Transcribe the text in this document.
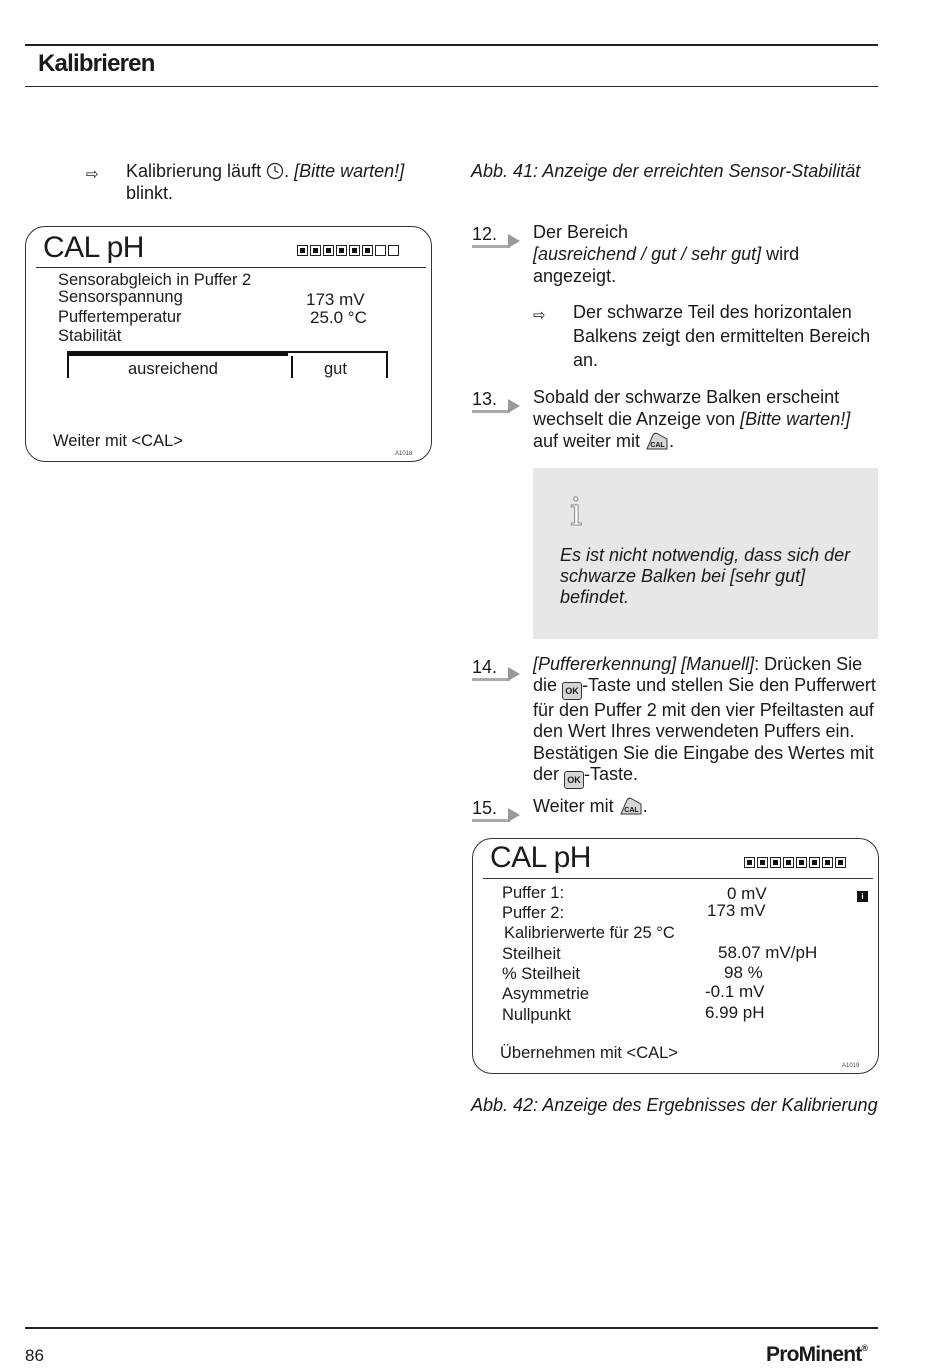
Kalibrieren
⇨ Kalibrierung läuft . [Bitte warten!]
blinkt.
CAL pH
Sensorabgleich in Puffer 2
Sensorspannung	173 mV
Puffertemperatur	25.0 °C
Stabilität
ausreichend	gut
Weiter mit <CAL>
A1018
Abb. 41: Anzeige der erreichten Sensor-Stabilität
12. Der Bereich
[ausreichend / gut / sehr gut] wird angezeigt.
⇨ Der schwarze Teil des horizontalen Balkens zeigt den ermittelten Bereich an.
13. Sobald der schwarze Balken erscheint wechselt die Anzeige von [Bitte warten!] auf weiter mit CAL .
i
Es ist nicht notwendig, dass sich der schwarze Balken bei [sehr gut] befindet.
14. [Puffererkennung] [Manuell]: Drücken Sie die OK -Taste und stellen Sie den Pufferwert für den Puffer 2 mit den vier Pfeiltasten auf den Wert Ihres verwendeten Puffers ein. Bestätigen Sie die Eingabe des Wertes mit der OK -Taste.
15. Weiter mit CAL .
CAL pH
i
Puffer 1:	0 mV
Puffer 2:	173 mV
Kalibrierwerte für 25 °C
Steilheit	58.07 mV/pH
% Steilheit	98 %
Asymmetrie	-0.1 mV
Nullpunkt	6.99 pH
Übernehmen mit <CAL>
A1019
Abb. 42: Anzeige des Ergebnisses der Kalibrierung
86	ProMinent®
